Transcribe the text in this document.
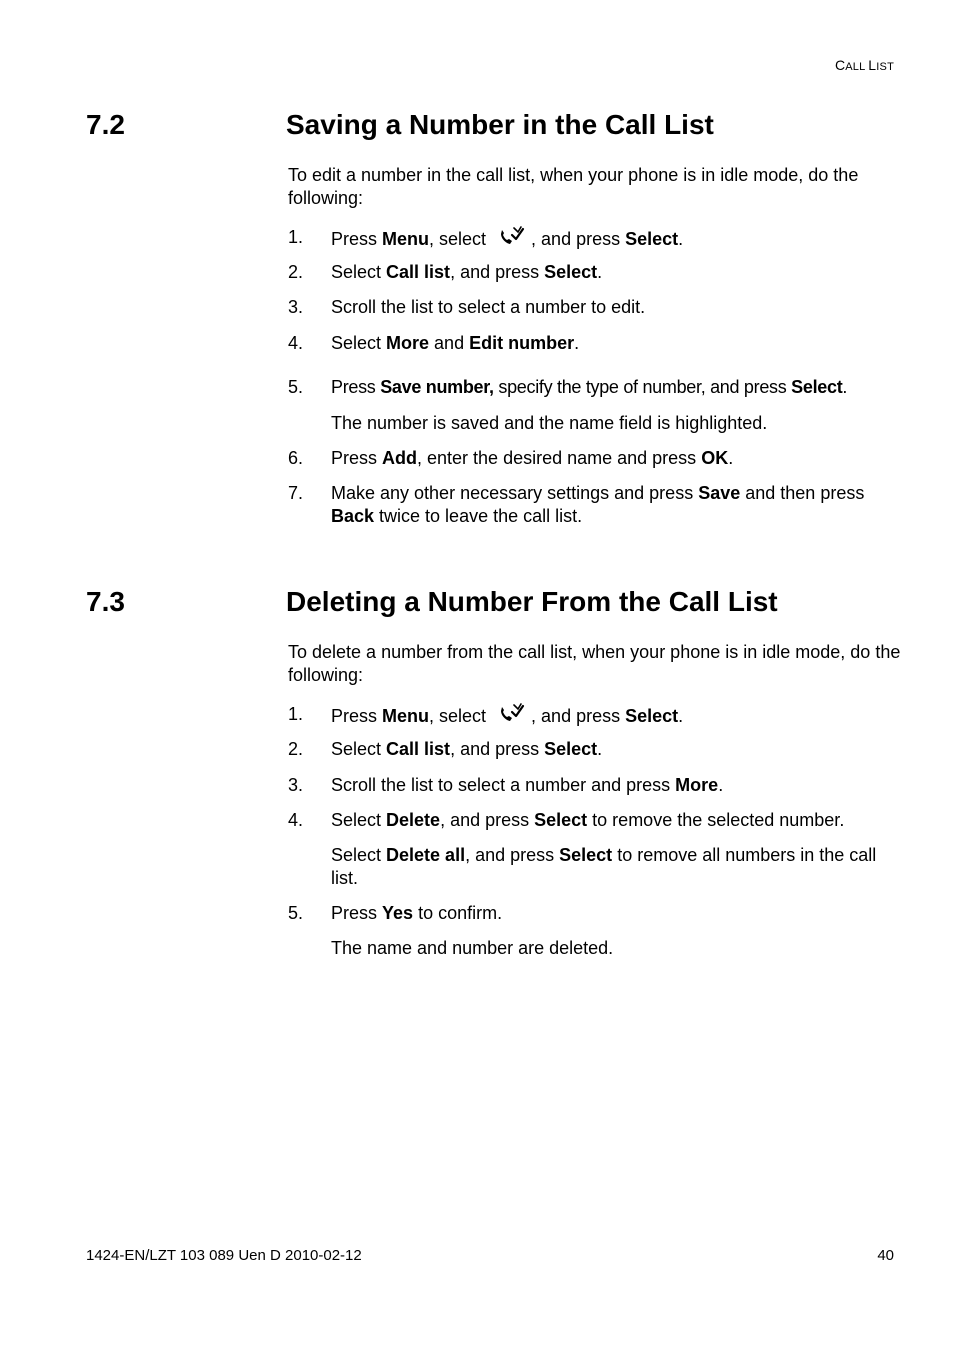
CALL LIST
7.2	Saving a Number in the Call List
To edit a number in the call list, when your phone is in idle mode, do the following:
1. Press Menu, select , and press Select.
2. Select Call list, and press Select.
3. Scroll the list to select a number to edit.
4. Select More and Edit number.
5. Press Save number, specify the type of number, and press Select.
The number is saved and the name field is highlighted.
6. Press Add, enter the desired name and press OK.
7. Make any other necessary settings and press Save and then press Back twice to leave the call list.
7.3	Deleting a Number From the Call List
To delete a number from the call list, when your phone is in idle mode, do the following:
1. Press Menu, select , and press Select.
2. Select Call list, and press Select.
3. Scroll the list to select a number and press More.
4. Select Delete, and press Select to remove the selected number.
Select Delete all, and press Select to remove all numbers in the call list.
5. Press Yes to confirm.
The name and number are deleted.
1424-EN/LZT 103 089 Uen D 2010-02-12	40
